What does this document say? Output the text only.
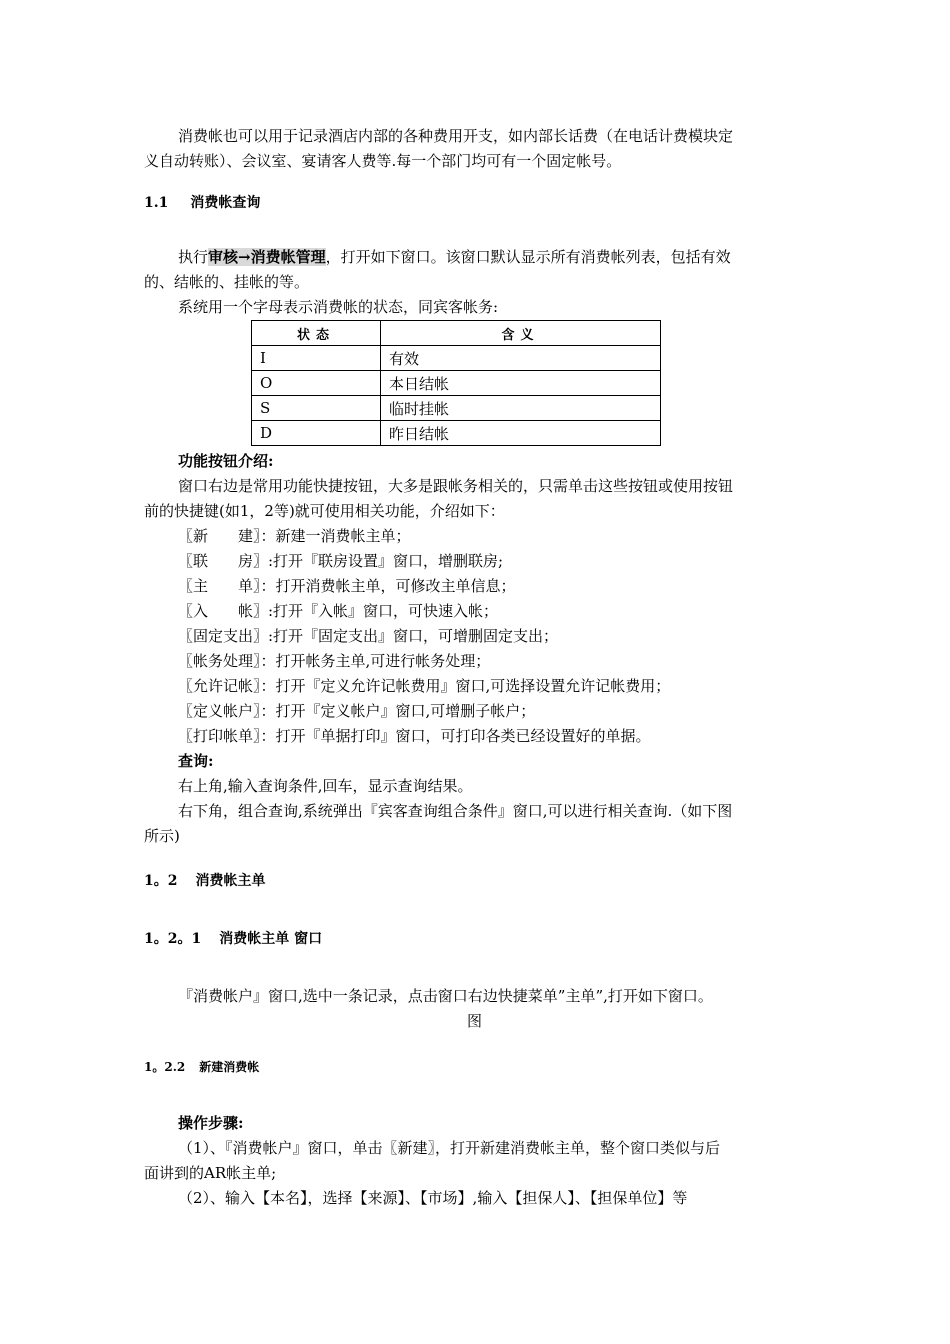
消费帐也可以用于记录酒店内部的各种费用开支，如内部长话费（在电话计费模块定
义自动转账）、会议室、宴请客人费等.每一个部门均可有一个固定帐号。
1.1 消费帐查询
执行审核→消费帐管理，打开如下窗口。该窗口默认显示所有消费帐列表，包括有效
的、结帐的、挂帐的等。
系统用一个字母表示消费帐的状态，同宾客帐务:
状态	含义
I	有效
O	本日结帐
S	临时挂帐
D	昨日结帐
功能按钮介绍:
窗口右边是常用功能快捷按钮，大多是跟帐务相关的，只需单击这些按钮或使用按钮
前的快捷键(如1，2等)就可使用相关功能，介绍如下：
〖新　　建〗：新建一消费帐主单；
〖联　　房〗:打开『联房设置』窗口，增删联房;
〖主　　单〗：打开消费帐主单，可修改主单信息；
〖入　　帐〗:打开『入帐』窗口，可快速入帐；
〖固定支出〗:打开『固定支出』窗口，可增删固定支出；
〖帐务处理〗：打开帐务主单,可进行帐务处理；
〖允许记帐〗：打开『定义允许记帐费用』窗口,可选择设置允许记帐费用；
〖定义帐户〗：打开『定义帐户』窗口,可增删子帐户；
〖打印帐单〗：打开『单据打印』窗口，可打印各类已经设置好的单据。
查询:
右上角,输入查询条件,回车，显示查询结果。
右下角，组合查询,系统弹出『宾客查询组合条件』窗口,可以进行相关查询.（如下图
所示)
1。2 消费帐主单
1。2。1 消费帐主单 窗口
『消费帐户』窗口,选中一条记录，点击窗口右边快捷菜单”主单”,打开如下窗口。
图
1。2.2 新建消费帐
操作步骤:
（1）、『消费帐户』窗口，单击〖新建〗，打开新建消费帐主单，整个窗口类似与后
面讲到的AR帐主单;
（2）、输入【本名】，选择【来源】、【市场】,输入【担保人】、【担保单位】等
